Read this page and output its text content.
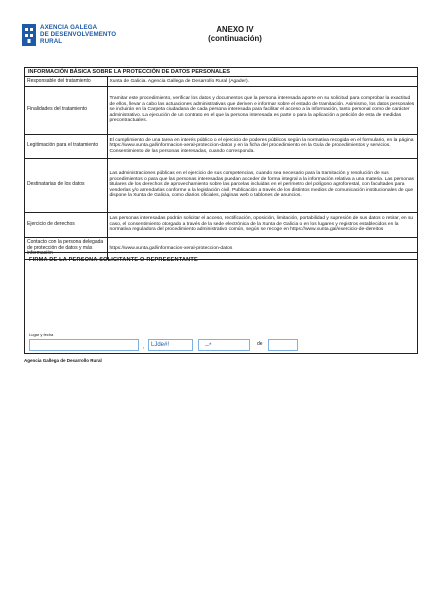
AXENCIA GALEGA
DE DESENVOLVEMENTO
RURAL
ANEXO IV
(continuación)
INFORMACIÓN BÁSICA SOBRE LA PROTECCIÓN DE DATOS PERSONALES
Responsable del tratamiento	Xunta de Galicia. Agencia Gallega de Desarrollo Rural (Agader).
Finalidades del tratamiento	Tramitar este procedimiento, verificar los datos y documentos que la persona interesada aporte en su solicitud para comprobar la exactitud de ellos, llevar a cabo las actuaciones administrativas que deriven e informar sobre el estado de tramitación. Asimismo, los datos personales se incluirán en la Carpeta ciudadana de cada persona interesada para facilitar el acceso a la información, tanto personal como de carácter administrativo. La ejecución de un contrato en el que la persona interesada es parte o para la aplicación a petición de esta de medidas precontractuales.
Legitimación para el tratamiento	El cumplimiento de una tarea en interés público o el ejercicio de poderes públicos según la normativa recogida en el formulario, en la página https://www.xunta.gal/informacion-xeral-proteccion-datos y en la ficha del procedimiento en la Guía de procedimientos y servicios. Consentimiento de las personas interesadas, cuando corresponda.
Destinatarias de los datos	Las administraciones públicas en el ejercicio de sus competencias, cuando sea necesario para la tramitación y resolución de sus procedimientos o para que las personas interesadas puedan acceder de forma integral a la información relativa a una materia. Las personas titulares de los derechos de aprovechamiento sobre las parcelas incluidas en el perímetro del polígono agroforestal, con facultades para venderlas y/o arrendarlas conforme a la legislación civil. Publicación a través de los distintos medios de comunicación institucionales de que dispone la Xunta de Galicia, como diarios oficiales, páginas web o tablones de anuncios.
Ejercicio de derechos	Las personas interesadas podrán solicitar el acceso, rectificación, oposición, limitación, portabilidad y supresión de sus datos o retirar, en su caso, el consentimiento otorgado a través de la sede electrónica de la Xunta de Galicia o en los lugares y registros establecidos en la normativa reguladora del procedimiento administrativo común, según se recoge en https://www.xunta.gal/exercicio-de-dereitos
Contacto con la persona delegada de protección de datos y más información	https://www.xunta.gal/informacion-xeral-proteccion-datos
FIRMA DE LA PERSONA SOLICITANTE O REPRESENTANTE
Lugar y fecha
,	LJde#!	--*	de
Agencia Gallega de Desarrollo Rural
